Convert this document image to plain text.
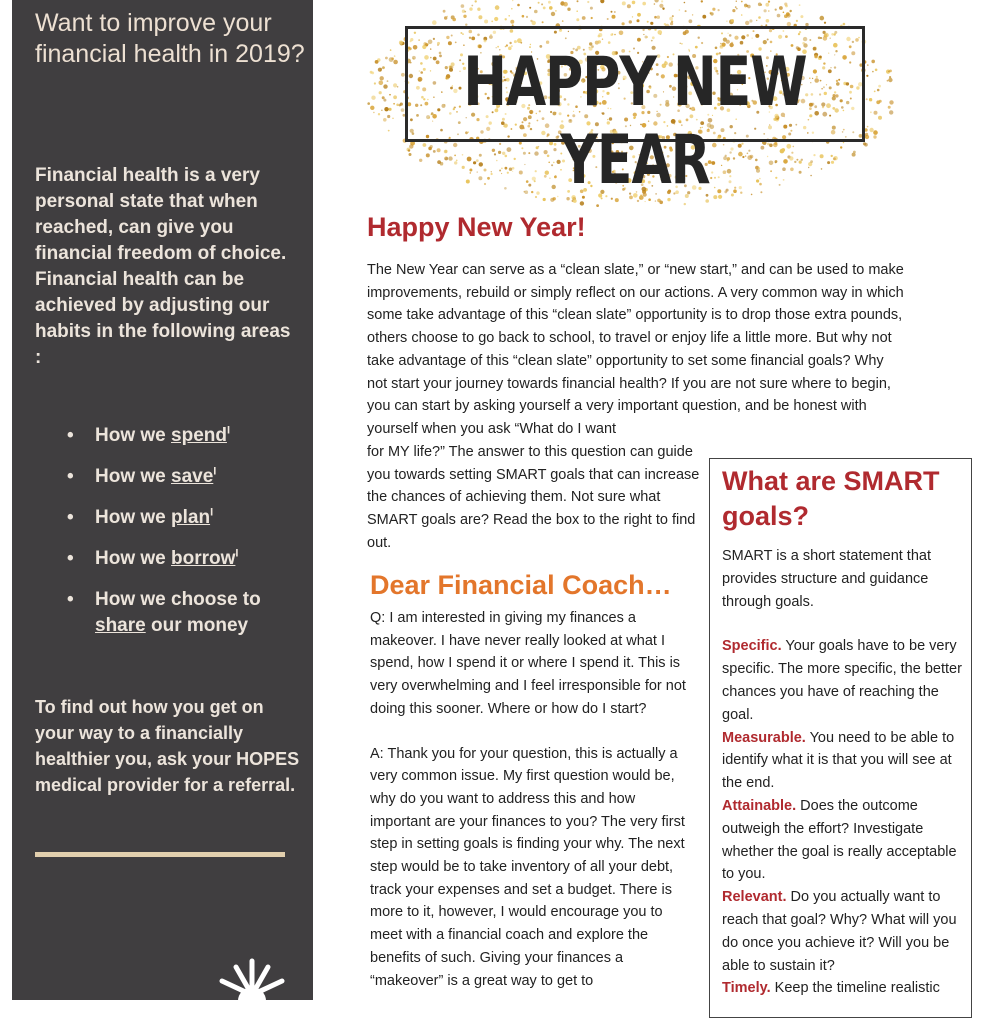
Want to improve your financial health in 2019?

Financial health is a very personal state that when reached, can give you financial freedom of choice. Financial health can be achieved by adjusting our habits in the following areas :

• How we spend$^I$
• How we save$^I$
• How we plan$^I$
• How we borrow$^I$
• How we choose to share our money

To find out how you get on your way to a financially healthier you, ask your HOPES medical provider for a referral.

HAPPY NEW YEAR
Happy New Year!

The New Year can serve as a “clean slate,” or “new start,” and can be used to make improvements, rebuild or simply reflect on our actions. A very common way in which some take advantage of this “clean slate” opportunity is to drop those extra pounds, others choose to go back to school, to travel or enjoy life a little more. But why not take advantage of this “clean slate” opportunity to set some financial goals? Why not start your journey towards financial health? If you are not sure where to begin, you can start by asking yourself a very important question, and be honest with yourself when you ask “What do I want

for MY life?” The answer to this question can guide you towards setting SMART goals that can increase the chances of achieving them. Not sure what SMART goals are? Read the box to the right to find out.

Dear Financial Coach…

Q: I am interested in giving my finances a makeover. I have never really looked at what I spend, how I spend it or where I spend it. This is very overwhelming and I feel irresponsible for not doing this sooner. Where or how do I start?

A: Thank you for your question, this is actually a very common issue. My first question would be, why do you want to address this and how important are your finances to you? The very first step in setting goals is finding your why. The next step would be to take inventory of all your debt, track your expenses and set a budget. There is more to it, however, I would encourage you to meet with a financial coach and explore the benefits of such. Giving your finances a “makeover” is a great way to get to

What are SMART goals?

SMART is a short statement that provides structure and guidance through goals.

Specific. Your goals have to be very specific. The more specific, the better chances you have of reaching the goal.
Measurable. You need to be able to identify what it is that you will see at the end.
Attainable. Does the outcome outweigh the effort? Investigate whether the goal is really acceptable to you.
Relevant. Do you actually want to reach that goal? Why? What will you do once you achieve it? Will you be able to sustain it?
Timely. Keep the timeline realistic
